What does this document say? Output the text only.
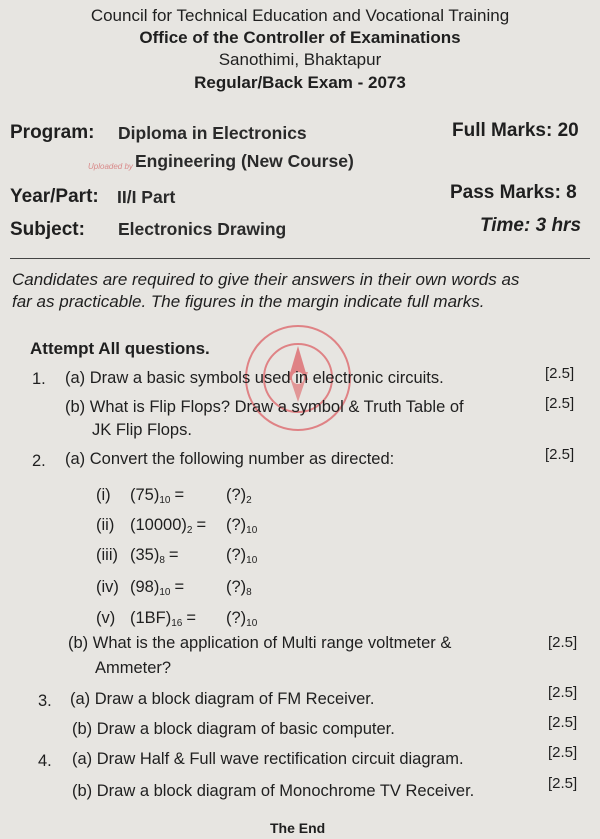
Council for Technical Education and Vocational Training
Office of the Controller of Examinations
Sanothimi, Bhaktapur
Regular/Back Exam - 2073
Program: Diploma in Electronics
Engineering (New Course)
Full Marks: 20
Uploaded by
Year/Part: II/I Part	Pass Marks: 8
Subject: Electronics Drawing	Time: 3 hrs
Candidates are required to give their answers in their own words as
far as practicable. The figures in the margin indicate full marks.
Attempt All questions.
1. (a) Draw a basic symbols used in electronic circuits.	[2.5]
(b) What is Flip Flops? Draw a symbol & Truth Table of
JK Flip Flops.
[2.5]
2. (a) Convert the following number as directed:	[2.5]
(i) $(75)_{10}$ =	$(?)_2$
(ii) $(10000)_2$ = $(?)_{10}$
(iii) $(35)_8$ =	$(?)_{10}$
(iv) $(98)_{10}$ =	$(?)_8$
(v) $(1BF)_{16}$ = $(?)_{10}$
(b) What is the application of Multi range voltmeter &
Ammeter?
[2.5]
3. (a) Draw a block diagram of FM Receiver.	[2.5]
(b) Draw a block diagram of basic computer.	[2.5]
4. (a) Draw Half & Full wave rectification circuit diagram.	[2.5]
(b) Draw a block diagram of Monochrome TV Receiver.	[2.5]
The End
